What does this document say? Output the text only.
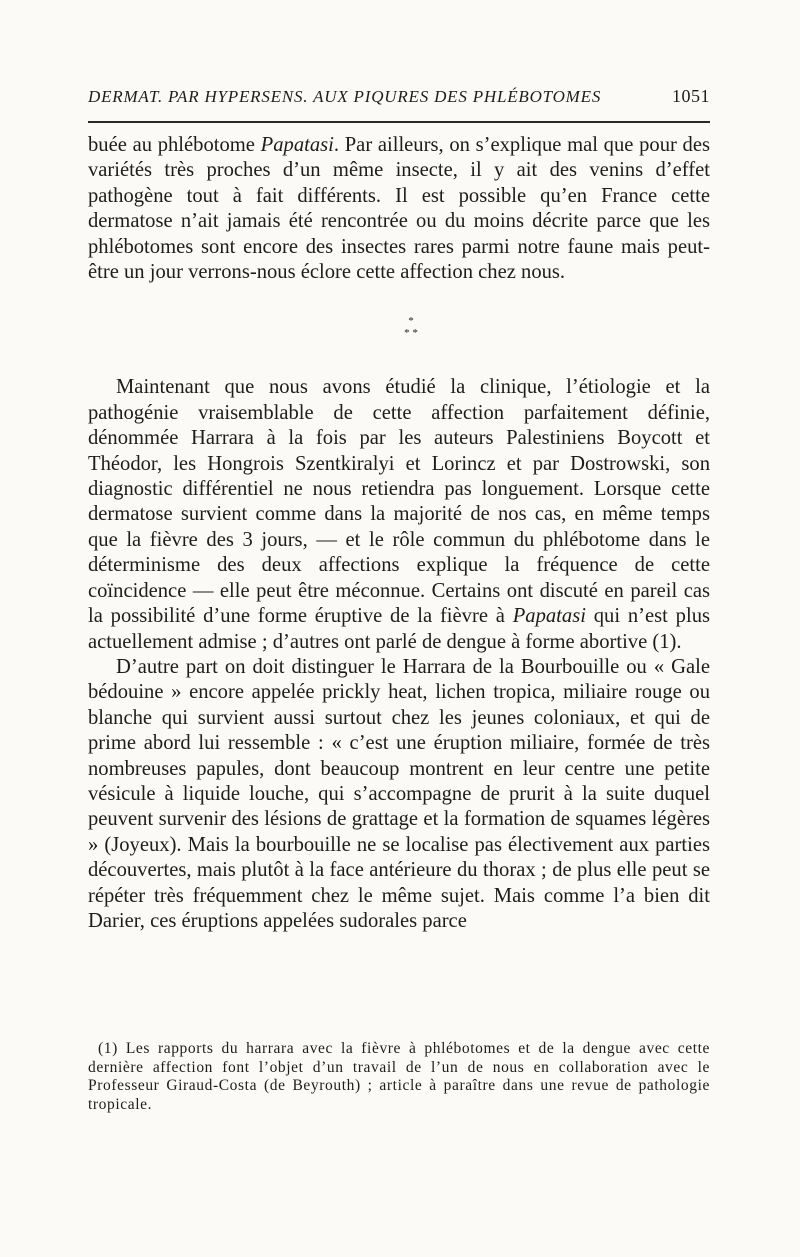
DERMAT. PAR HYPERSENS. AUX PIQURES DES PHLÉBOTOMES	1051

buée au phlébotome Papatasi. Par ailleurs, on s’explique mal que pour des variétés très proches d’un même insecte, il y ait des venins d’effet pathogène tout à fait différents. Il est possible qu’en France cette dermatose n’ait jamais été rencontrée ou du moins décrite parce que les phlébotomes sont encore des insectes rares parmi notre faune mais peut-être un jour verrons-nous éclore cette affection chez nous.

*
* *

Maintenant que nous avons étudié la clinique, l’étiologie et la pathogénie vraisemblable de cette affection parfaitement définie, dénommée Harrara à la fois par les auteurs Palestiniens Boycott et Théodor, les Hongrois Szentkiralyi et Lorincz et par Dostrowski, son diagnostic différentiel ne nous retiendra pas longuement. Lorsque cette dermatose survient comme dans la majorité de nos cas, en même temps que la fièvre des 3 jours, — et le rôle commun du phlébotome dans le déterminisme des deux affections explique la fréquence de cette coïncidence — elle peut être méconnue. Certains ont discuté en pareil cas la possibilité d’une forme éruptive de la fièvre à Papatasi qui n’est plus actuellement admise ; d’autres ont parlé de dengue à forme abortive (1).

D’autre part on doit distinguer le Harrara de la Bourbouille ou « Gale bédouine » encore appelée prickly heat, lichen tropica, miliaire rouge ou blanche qui survient aussi surtout chez les jeunes coloniaux, et qui de prime abord lui ressemble : « c’est une éruption miliaire, formée de très nombreuses papules, dont beaucoup montrent en leur centre une petite vésicule à liquide louche, qui s’accompagne de prurit à la suite duquel peuvent survenir des lésions de grattage et la formation de squames légères » (Joyeux). Mais la bourbouille ne se localise pas électivement aux parties découvertes, mais plutôt à la face antérieure du thorax ; de plus elle peut se répéter très fréquemment chez le même sujet. Mais comme l’a bien dit Darier, ces éruptions appelées sudorales parce

(1) Les rapports du harrara avec la fièvre à phlébotomes et de la dengue avec cette dernière affection font l’objet d’un travail de l’un de nous en collaboration avec le Professeur Giraud-Costa (de Beyrouth) ; article à paraître dans une revue de pathologie tropicale.
